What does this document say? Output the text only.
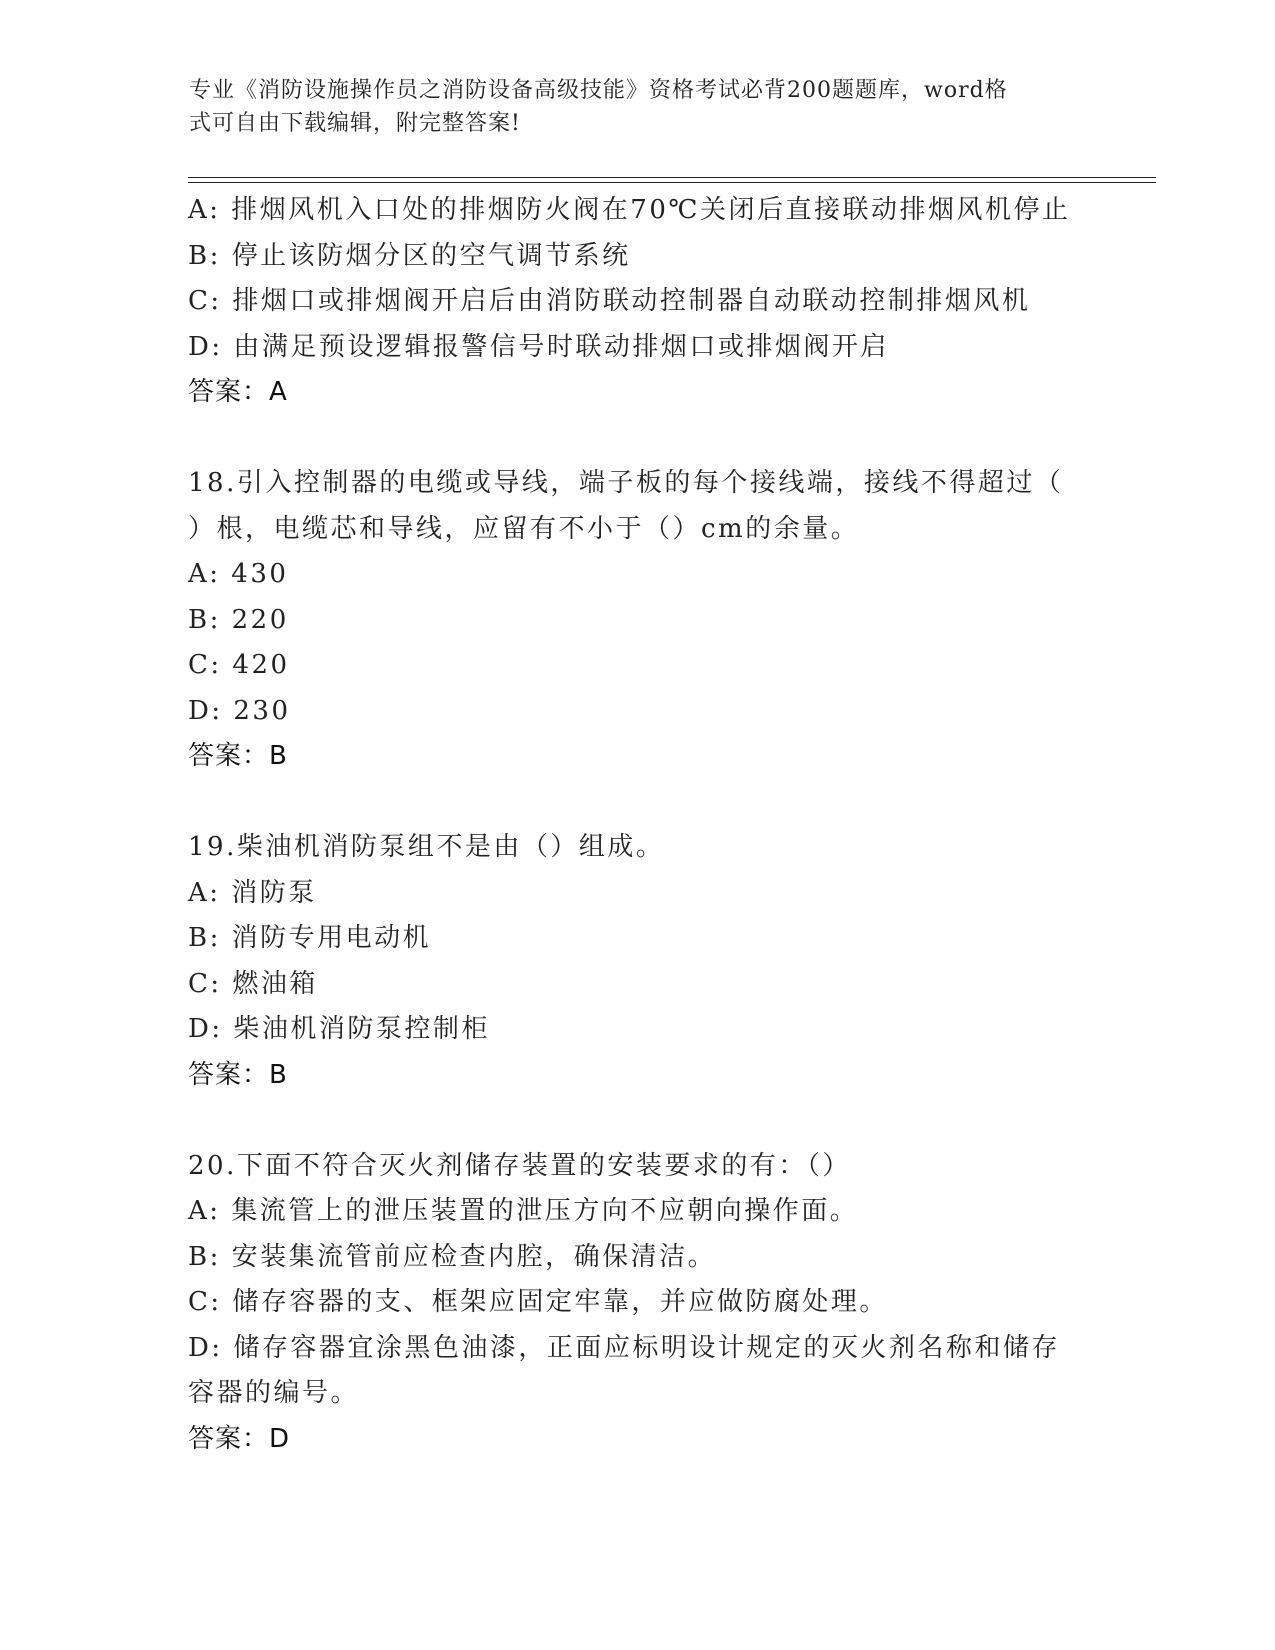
专业《消防设施操作员之消防设备高级技能》资格考试必背200题题库，word格
式可自由下载编辑，附完整答案!
A: 排烟风机入口处的排烟防火阀在70℃关闭后直接联动排烟风机停止
B: 停止该防烟分区的空气调节系统
C: 排烟口或排烟阀开启后由消防联动控制器自动联动控制排烟风机
D: 由满足预设逻辑报警信号时联动排烟口或排烟阀开启
答案：A
18.引入控制器的电缆或导线，端子板的每个接线端，接线不得超过（
）根，电缆芯和导线，应留有不小于（）cm的余量。
A: 430
B: 220
C: 420
D: 230
答案：B
19.柴油机消防泵组不是由（）组成。
A: 消防泵
B: 消防专用电动机
C: 燃油箱
D: 柴油机消防泵控制柜
答案：B
20.下面不符合灭火剂储存装置的安装要求的有：（）
A: 集流管上的泄压装置的泄压方向不应朝向操作面。
B: 安装集流管前应检查内腔，确保清洁。
C: 储存容器的支、框架应固定牢靠，并应做防腐处理。
D: 储存容器宜涂黑色油漆，正面应标明设计规定的灭火剂名称和储存
容器的编号。
答案：D
